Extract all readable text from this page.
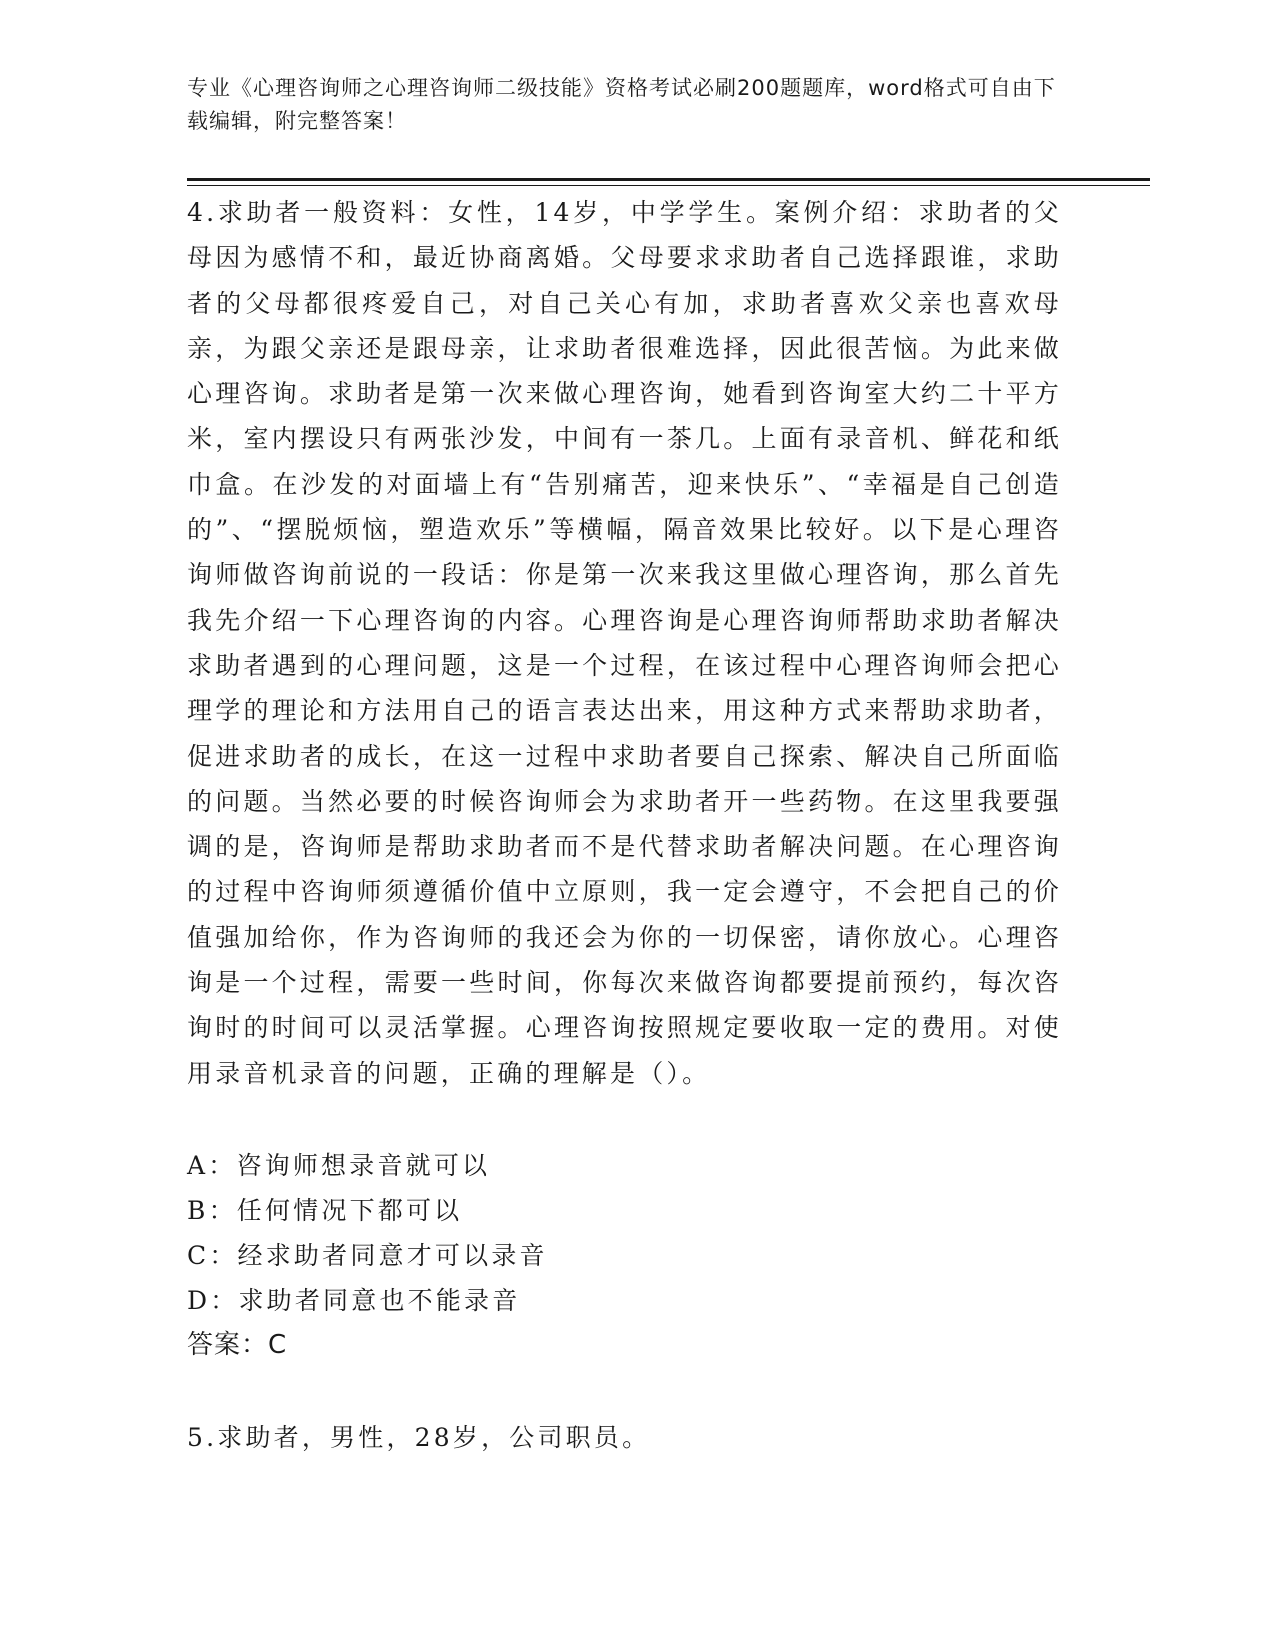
专业《心理咨询师之心理咨询师二级技能》资格考试必刷200题题库，word格式可自由下载编辑，附完整答案！
4.求助者一般资料：女性，14岁，中学学生。案例介绍：求助者的父母因为感情不和，最近协商离婚。父母要求求助者自己选择跟谁，求助者的父母都很疼爱自己，对自己关心有加，求助者喜欢父亲也喜欢母亲，为跟父亲还是跟母亲，让求助者很难选择，因此很苦恼。为此来做心理咨询。求助者是第一次来做心理咨询，她看到咨询室大约二十平方米，室内摆设只有两张沙发，中间有一茶几。上面有录音机、鲜花和纸巾盒。在沙发的对面墙上有“告别痛苦，迎来快乐”、“幸福是自己创造的”、“摆脱烦恼，塑造欢乐”等横幅，隔音效果比较好。以下是心理咨询师做咨询前说的一段话：你是第一次来我这里做心理咨询，那么首先我先介绍一下心理咨询的内容。心理咨询是心理咨询师帮助求助者解决求助者遇到的心理问题，这是一个过程，在该过程中心理咨询师会把心理学的理论和方法用自己的语言表达出来，用这种方式来帮助求助者，促进求助者的成长，在这一过程中求助者要自己探索、解决自己所面临的问题。当然必要的时候咨询师会为求助者开一些药物。在这里我要强调的是，咨询师是帮助求助者而不是代替求助者解决问题。在心理咨询的过程中咨询师须遵循价值中立原则，我一定会遵守，不会把自己的价值强加给你，作为咨询师的我还会为你的一切保密，请你放心。心理咨询是一个过程，需要一些时间，你每次来做咨询都要提前预约，每次咨询时的时间可以灵活掌握。心理咨询按照规定要收取一定的费用。对使用录音机录音的问题，正确的理解是（）。
A：咨询师想录音就可以
B：任何情况下都可以
C：经求助者同意才可以录音
D：求助者同意也不能录音
答案：C
5.求助者，男性，28岁，公司职员。
